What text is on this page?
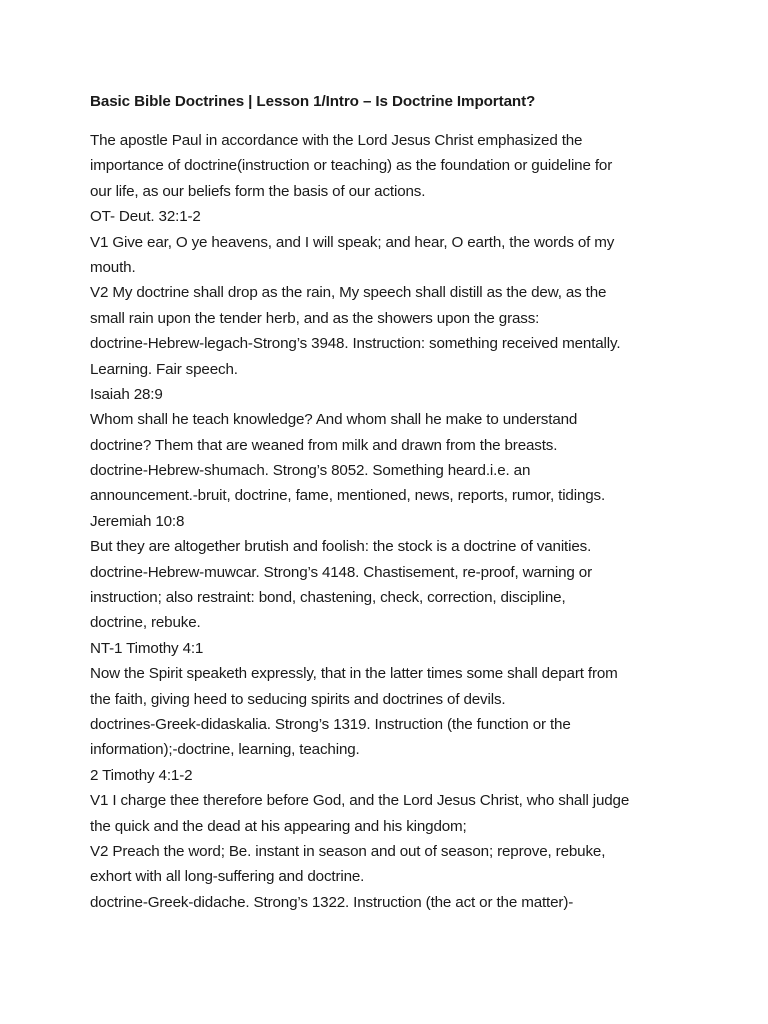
Basic Bible Doctrines | Lesson 1/Intro – Is Doctrine Important?
The apostle Paul in accordance with the Lord Jesus Christ emphasized the
importance of doctrine(instruction or teaching) as the foundation or guideline for
our life, as our beliefs form the basis of our actions.
OT- Deut. 32:1-2
V1 Give ear, O ye heavens, and I will speak; and hear, O earth, the words of my
mouth.
V2 My doctrine shall drop as the rain, My speech shall distill as the dew, as the
small rain upon the tender herb, and as the showers upon the grass:
doctrine-Hebrew-legach-Strong’s 3948. Instruction: something received mentally.
Learning. Fair speech.
Isaiah 28:9
Whom shall he teach knowledge? And whom shall he make to understand
doctrine? Them that are weaned from milk and drawn from the breasts.
doctrine-Hebrew-shumach. Strong’s 8052. Something heard.i.e. an
announcement.-bruit, doctrine, fame, mentioned, news, reports, rumor, tidings.
Jeremiah 10:8
But they are altogether brutish and foolish: the stock is a doctrine of vanities.
doctrine-Hebrew-muwcar. Strong’s 4148. Chastisement, re-proof, warning or
instruction; also restraint: bond, chastening, check, correction, discipline,
doctrine, rebuke.
NT-1 Timothy 4:1
Now the Spirit speaketh expressly, that in the latter times some shall depart from
the faith, giving heed to seducing spirits and doctrines of devils.
doctrines-Greek-didaskalia. Strong’s 1319. Instruction (the function or the
information);-doctrine, learning, teaching.
2 Timothy 4:1-2
V1 I charge thee therefore before God, and the Lord Jesus Christ, who shall judge
the quick and the dead at his appearing and his kingdom;
V2 Preach the word; Be. instant in season and out of season; reprove, rebuke,
exhort with all long-suffering and doctrine.
doctrine-Greek-didache. Strong’s 1322. Instruction (the act or the matter)-
